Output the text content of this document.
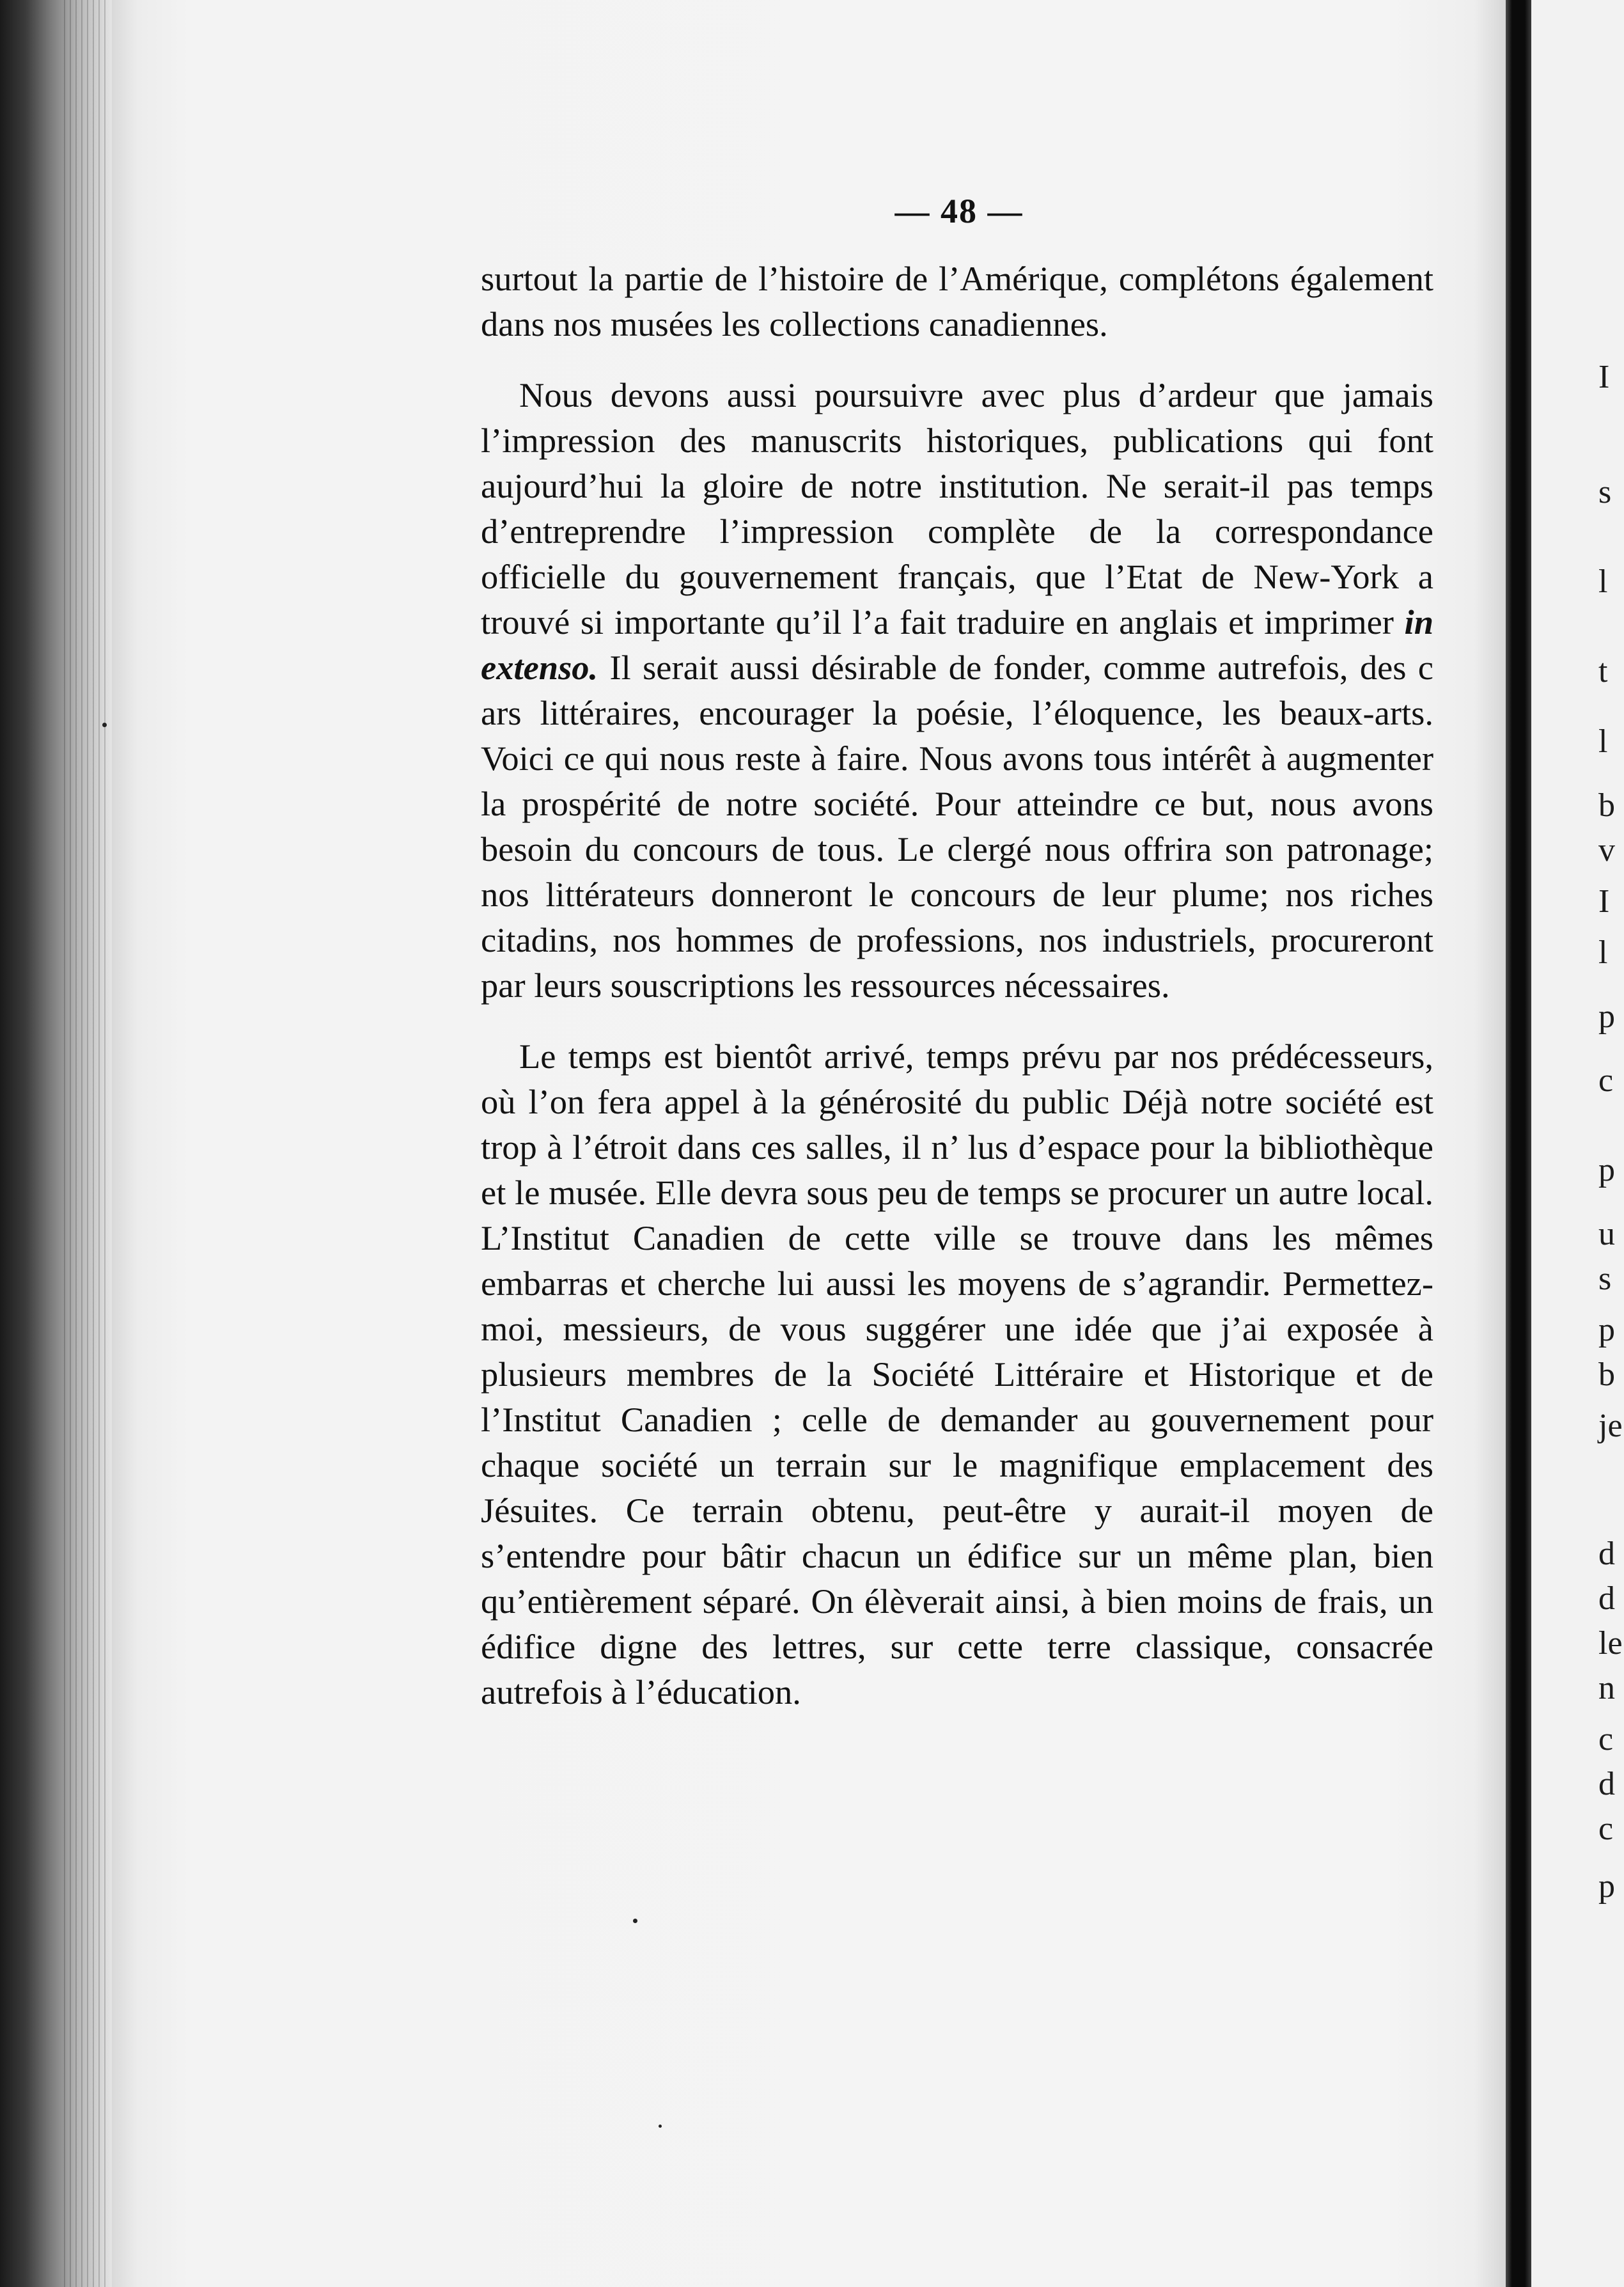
I
s
l
t
l
b
v
I
l
p
c
p
u
s
p
b
je
d
d
le
n
c
d
c
p
— 48 —

surtout la partie de l’histoire de l’Amérique, complétons également dans nos musées les collections canadiennes.

Nous devons aussi poursuivre avec plus d’ardeur que jamais l’impression des manuscrits historiques, publications qui font aujourd’hui la gloire de notre institution. Ne serait-il pas temps d’entreprendre l’impression complète de la correspondance officielle du gouvernement français, que l’Etat de New-York a trouvé si importante qu’il l’a fait traduire en anglais et imprimer in extenso. Il serait aussi désirable de fonder, comme autrefois, des c ars littéraires, encourager la poésie, l’éloquence, les beaux-arts. Voici ce qui nous reste à faire. Nous avons tous intérêt à augmenter la prospérité de notre société. Pour atteindre ce but, nous avons besoin du concours de tous. Le clergé nous offrira son patronage; nos littérateurs donneront le concours de leur plume; nos riches citadins, nos hommes de professions, nos industriels, procureront par leurs souscriptions les ressources nécessaires.

Le temps est bientôt arrivé, temps prévu par nos prédécesseurs, où l’on fera appel à la générosité du public Déjà notre société est trop à l’étroit dans ces salles, il n’ lus d’espace pour la bibliothèque et le musée. Elle devra sous peu de temps se procurer un autre local. L’Institut Canadien de cette ville se trouve dans les mêmes embarras et cherche lui aussi les moyens de s’agrandir. Permettez-moi, messieurs, de vous suggérer une idée que j’ai exposée à plusieurs membres de la Société Littéraire et Historique et de l’Institut Canadien ; celle de demander au gouvernement pour chaque société un terrain sur le magnifique emplacement des Jésuites. Ce terrain obtenu, peut-être y aurait-il moyen de s’entendre pour bâtir chacun un édifice sur un même plan, bien qu’entièrement séparé. On élèverait ainsi, à bien moins de frais, un édifice digne des lettres, sur cette terre classique, consacrée autrefois à l’éducation.
